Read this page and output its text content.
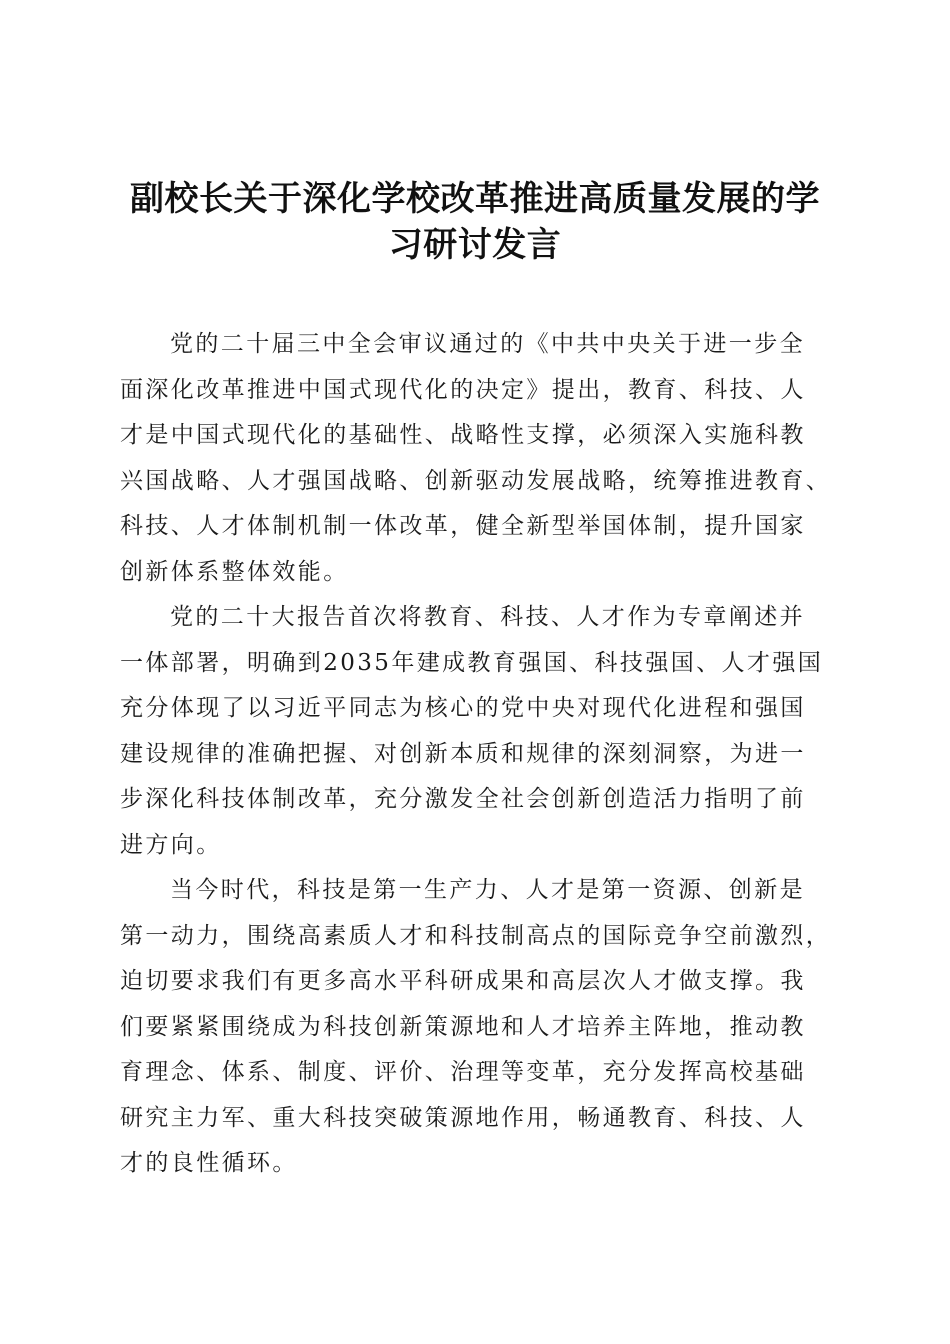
副校长关于深化学校改革推进高质量发展的学
习研讨发言
党的二十届三中全会审议通过的《中共中央关于进一步全
面深化改革推进中国式现代化的决定》提出，教育、科技、人
才是中国式现代化的基础性、战略性支撑，必须深入实施科教
兴国战略、人才强国战略、创新驱动发展战略，统筹推进教育、
科技、人才体制机制一体改革，健全新型举国体制，提升国家
创新体系整体效能。
党的二十大报告首次将教育、科技、人才作为专章阐述并
一体部署，明确到2035年建成教育强国、科技强国、人才强国
充分体现了以习近平同志为核心的党中央对现代化进程和强国
建设规律的准确把握、对创新本质和规律的深刻洞察，为进一
步深化科技体制改革，充分激发全社会创新创造活力指明了前
进方向。
当今时代，科技是第一生产力、人才是第一资源、创新是
第一动力，围绕高素质人才和科技制高点的国际竞争空前激烈，
迫切要求我们有更多高水平科研成果和高层次人才做支撑。我
们要紧紧围绕成为科技创新策源地和人才培养主阵地，推动教
育理念、体系、制度、评价、治理等变革，充分发挥高校基础
研究主力军、重大科技突破策源地作用，畅通教育、科技、人
才的良性循环。
